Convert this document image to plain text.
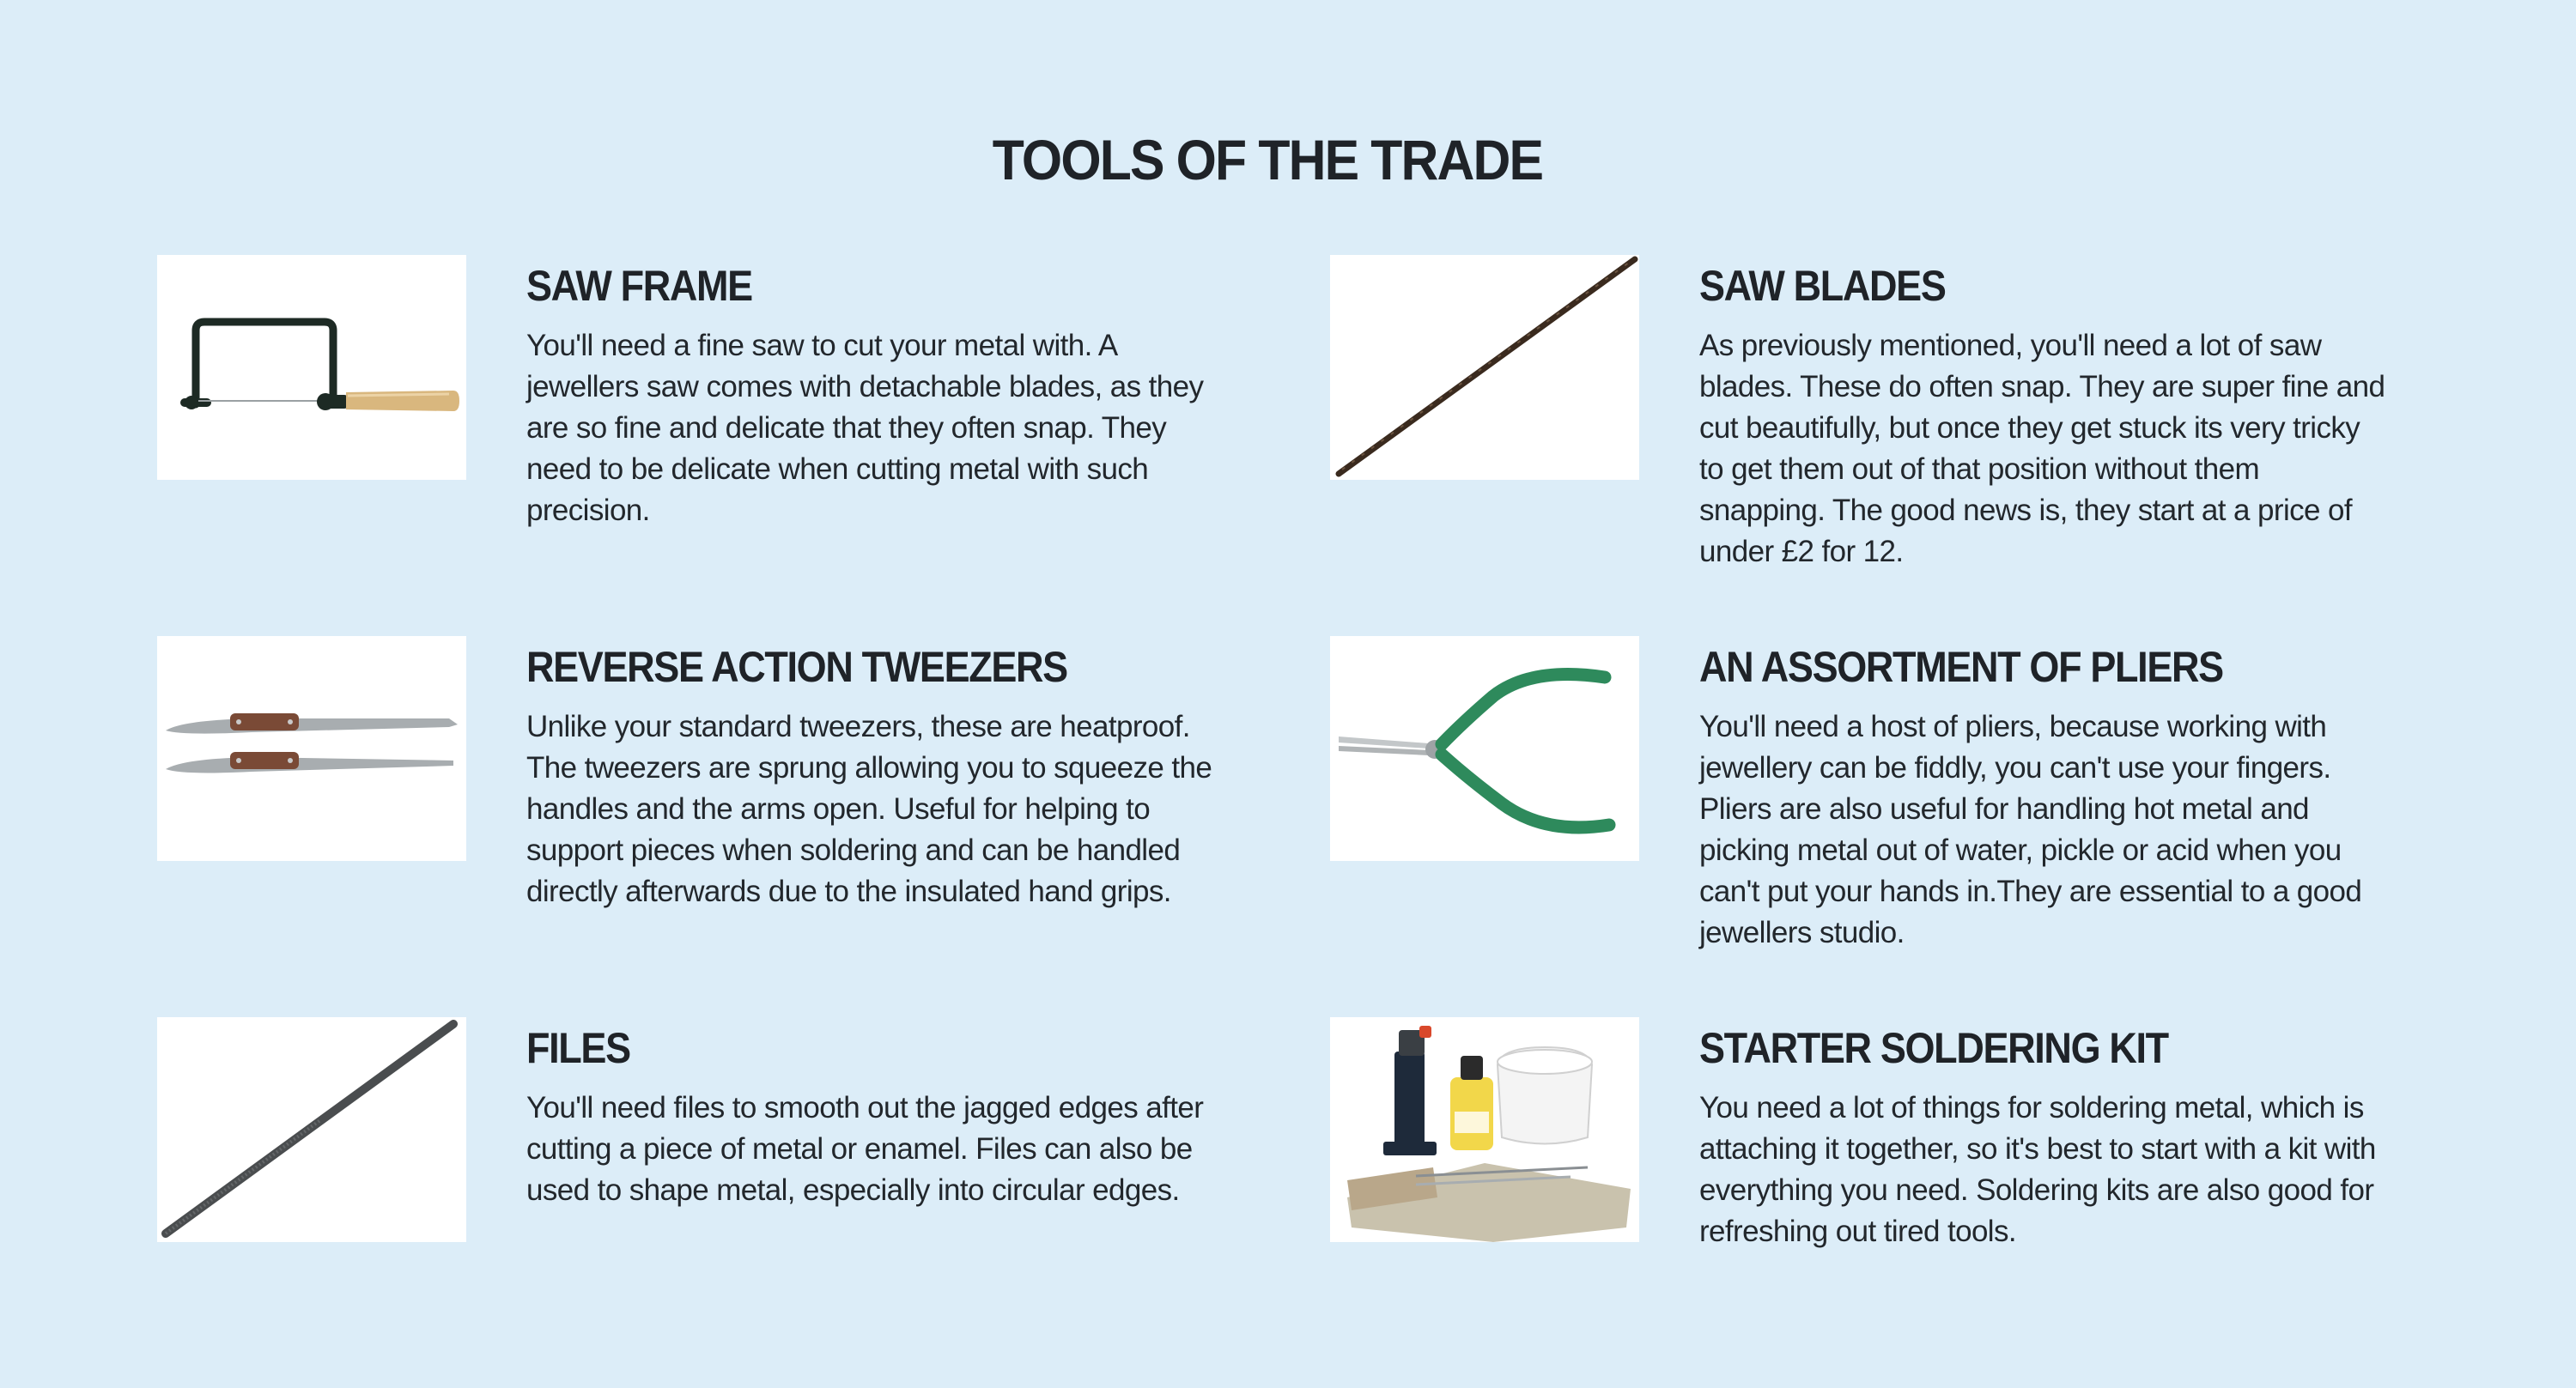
TOOLS OF THE TRADE
SAW FRAME
You'll need a fine saw to cut your metal with. A jewellers saw comes with detachable blades, as they are so fine and delicate that they often snap. They need to be delicate when cutting metal with such precision.
SAW BLADES
As previously mentioned, you'll need a lot of saw blades. These do often snap. They are super fine and cut beautifully, but once they get stuck its very tricky to get them out of that position without them snapping. The good news is, they start at a price of under £2 for 12.
REVERSE ACTION TWEEZERS
Unlike your standard tweezers, these are heatproof. The tweezers are sprung allowing you to squeeze the handles and the arms open. Useful for helping to support pieces when soldering and can be handled directly afterwards due to the insulated hand grips.
AN ASSORTMENT OF PLIERS
You'll need a host of pliers, because working with jewellery can be fiddly, you can't use your fingers. Pliers are also useful for handling hot metal and picking metal out of water, pickle or acid when you can't put your hands in.They are essential to a good jewellers studio.
FILES
You'll need files to smooth out the jagged edges after cutting a piece of metal or enamel. Files can also be used to shape metal, especially into circular edges.
STARTER SOLDERING KIT
You need a lot of things for soldering metal, which is attaching it together, so it's best to start with a kit with everything you need. Soldering kits are also good for refreshing out tired tools.
